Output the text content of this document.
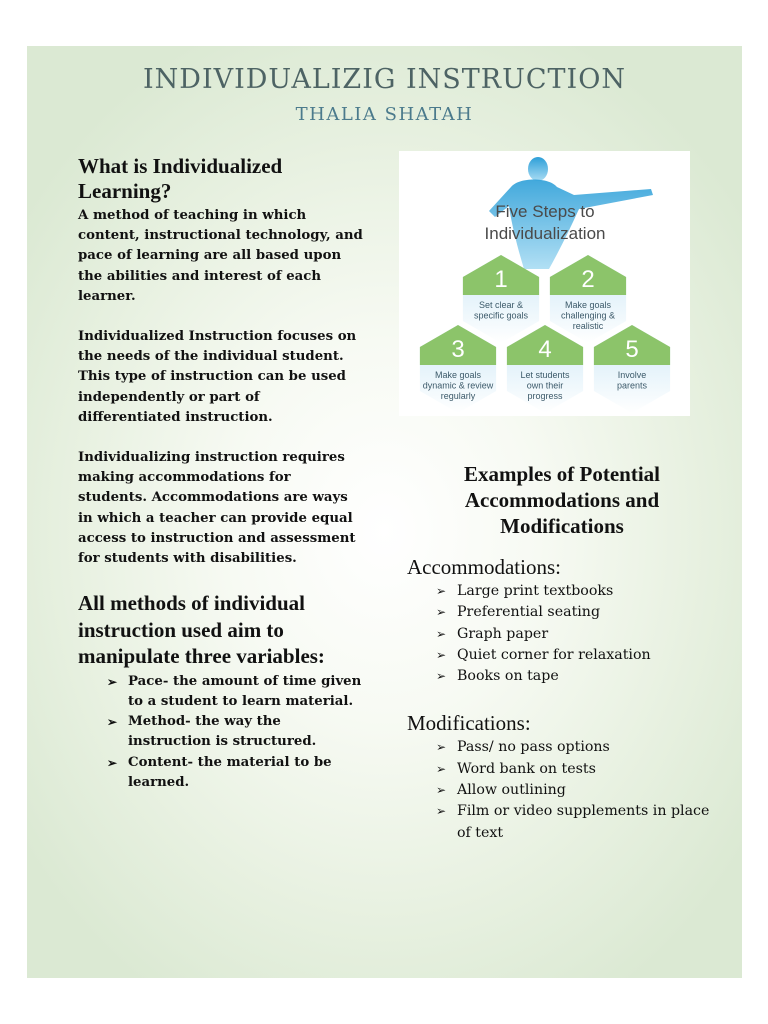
INDIVIDUALIZIG INSTRUCTION
THALIA SHATAH
What is Individualized Learning?

A method of teaching in which content, instructional technology, and pace of learning are all based upon the abilities and interest of each learner.

Individualized Instruction focuses on the needs of the individual student. This type of instruction can be used independently or part of differentiated instruction.

Individualizing instruction requires making accommodations for students. Accommodations are ways in which a teacher can provide equal access to instruction and assessment for students with disabilities.

All methods of individual instruction used aim to manipulate three variables:
➢ Pace- the amount of time given to a student to learn material.
➢ Method- the way the instruction is structured.
➢ Content- the material to be learned.
Five Steps to
Individualization
1
Set clear &
specific goals
2
Make goals
challenging &
realistic
3
Make goals
dynamic & review
regularly
4
Let students
own their
progress
5
Involve
parents
Examples of Potential Accommodations and Modifications
Accommodations:
➢ Large print textbooks
➢ Preferential seating
➢ Graph paper
➢ Quiet corner for relaxation
➢ Books on tape
Modifications:
➢ Pass/ no pass options
➢ Word bank on tests
➢ Allow outlining
➢ Film or video supplements in place of text
